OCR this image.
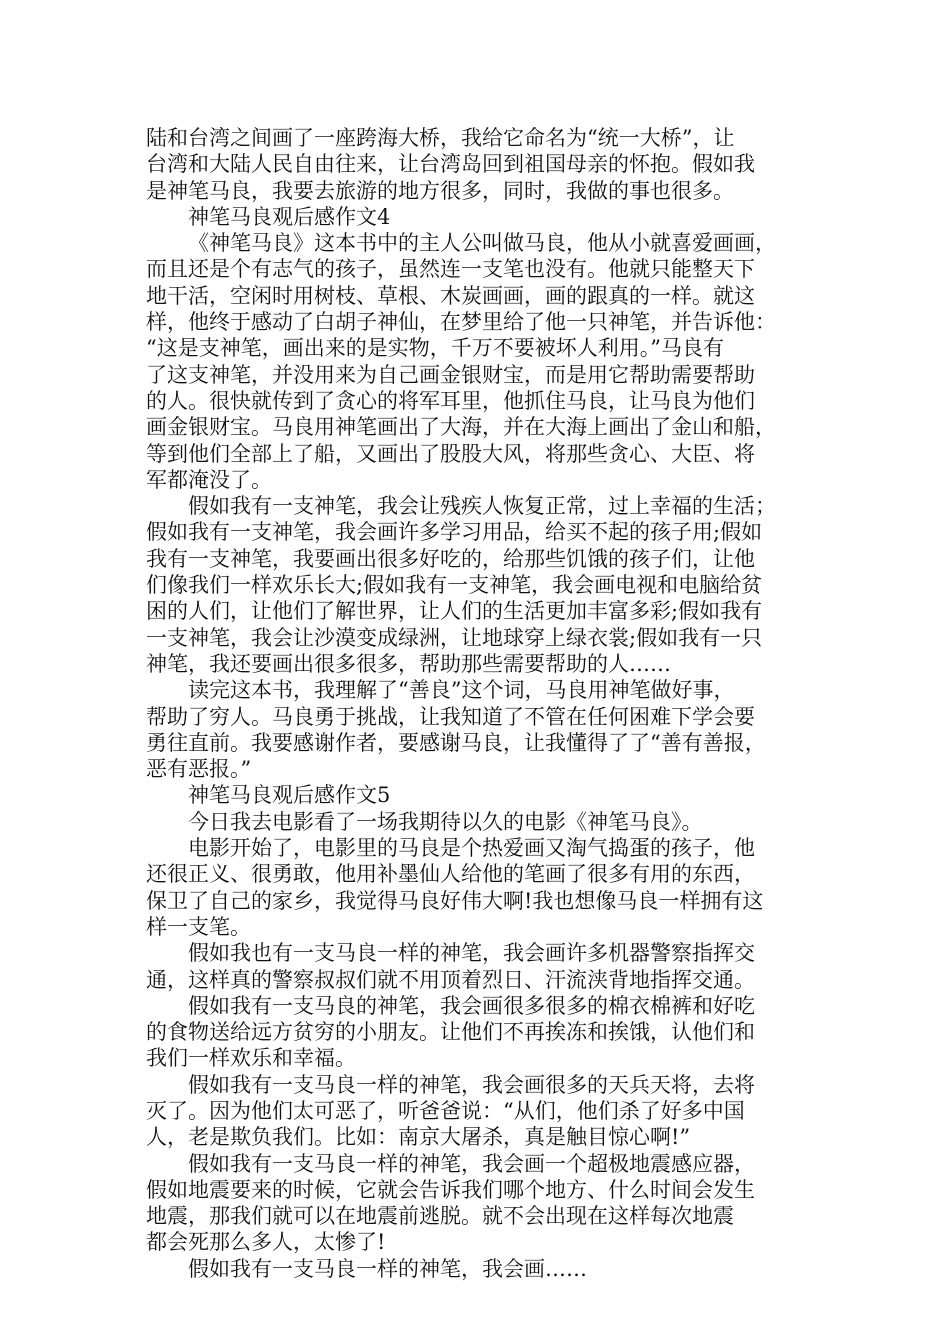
陆和台湾之间画了一座跨海大桥，我给它命名为“统一大桥”，让
台湾和大陆人民自由往来，让台湾岛回到祖国母亲的怀抱。假如我
是神笔马良，我要去旅游的地方很多，同时，我做的事也很多。
神笔马良观后感作文4
《神笔马良》这本书中的主人公叫做马良，他从小就喜爱画画，
而且还是个有志气的孩子，虽然连一支笔也没有。他就只能整天下
地干活，空闲时用树枝、草根、木炭画画，画的跟真的一样。就这
样，他终于感动了白胡子神仙，在梦里给了他一只神笔，并告诉他：
“这是支神笔，画出来的是实物，千万不要被坏人利用。”马良有
了这支神笔，并没用来为自己画金银财宝，而是用它帮助需要帮助
的人。很快就传到了贪心的将军耳里，他抓住马良，让马良为他们
画金银财宝。马良用神笔画出了大海，并在大海上画出了金山和船，
等到他们全部上了船，又画出了股股大风，将那些贪心、大臣、将
军都淹没了。
假如我有一支神笔，我会让残疾人恢复正常，过上幸福的生活；
假如我有一支神笔，我会画许多学习用品，给买不起的孩子用;假如
我有一支神笔，我要画出很多好吃的，给那些饥饿的孩子们，让他
们像我们一样欢乐长大;假如我有一支神笔，我会画电视和电脑给贫
困的人们，让他们了解世界，让人们的生活更加丰富多彩;假如我有
一支神笔，我会让沙漠变成绿洲，让地球穿上绿衣裳;假如我有一只
神笔，我还要画出很多很多，帮助那些需要帮助的人……
读完这本书，我理解了“善良”这个词，马良用神笔做好事，
帮助了穷人。马良勇于挑战，让我知道了不管在任何困难下学会要
勇往直前。我要感谢作者，要感谢马良，让我懂得了了“善有善报，
恶有恶报。”
神笔马良观后感作文5
今日我去电影看了一场我期待以久的电影《神笔马良》。
电影开始了，电影里的马良是个热爱画又淘气捣蛋的孩子，他
还很正义、很勇敢，他用补墨仙人给他的笔画了很多有用的东西，
保卫了自己的家乡，我觉得马良好伟大啊!我也想像马良一样拥有这
样一支笔。
假如我也有一支马良一样的神笔，我会画许多机器警察指挥交
通，这样真的警察叔叔们就不用顶着烈日、汗流浃背地指挥交通。
假如我有一支马良的神笔，我会画很多很多的棉衣棉裤和好吃
的食物送给远方贫穷的小朋友。让他们不再挨冻和挨饿，认他们和
我们一样欢乐和幸福。
假如我有一支马良一样的神笔，我会画很多的天兵天将，去将
灭了。因为他们太可恶了，听爸爸说：“从们，他们杀了好多中国
人，老是欺负我们。比如：南京大屠杀，真是触目惊心啊!”
假如我有一支马良一样的神笔，我会画一个超极地震感应器，
假如地震要来的时候，它就会告诉我们哪个地方、什么时间会发生
地震，那我们就可以在地震前逃脱。就不会出现在这样每次地震
都会死那么多人，太惨了!
假如我有一支马良一样的神笔，我会画……
